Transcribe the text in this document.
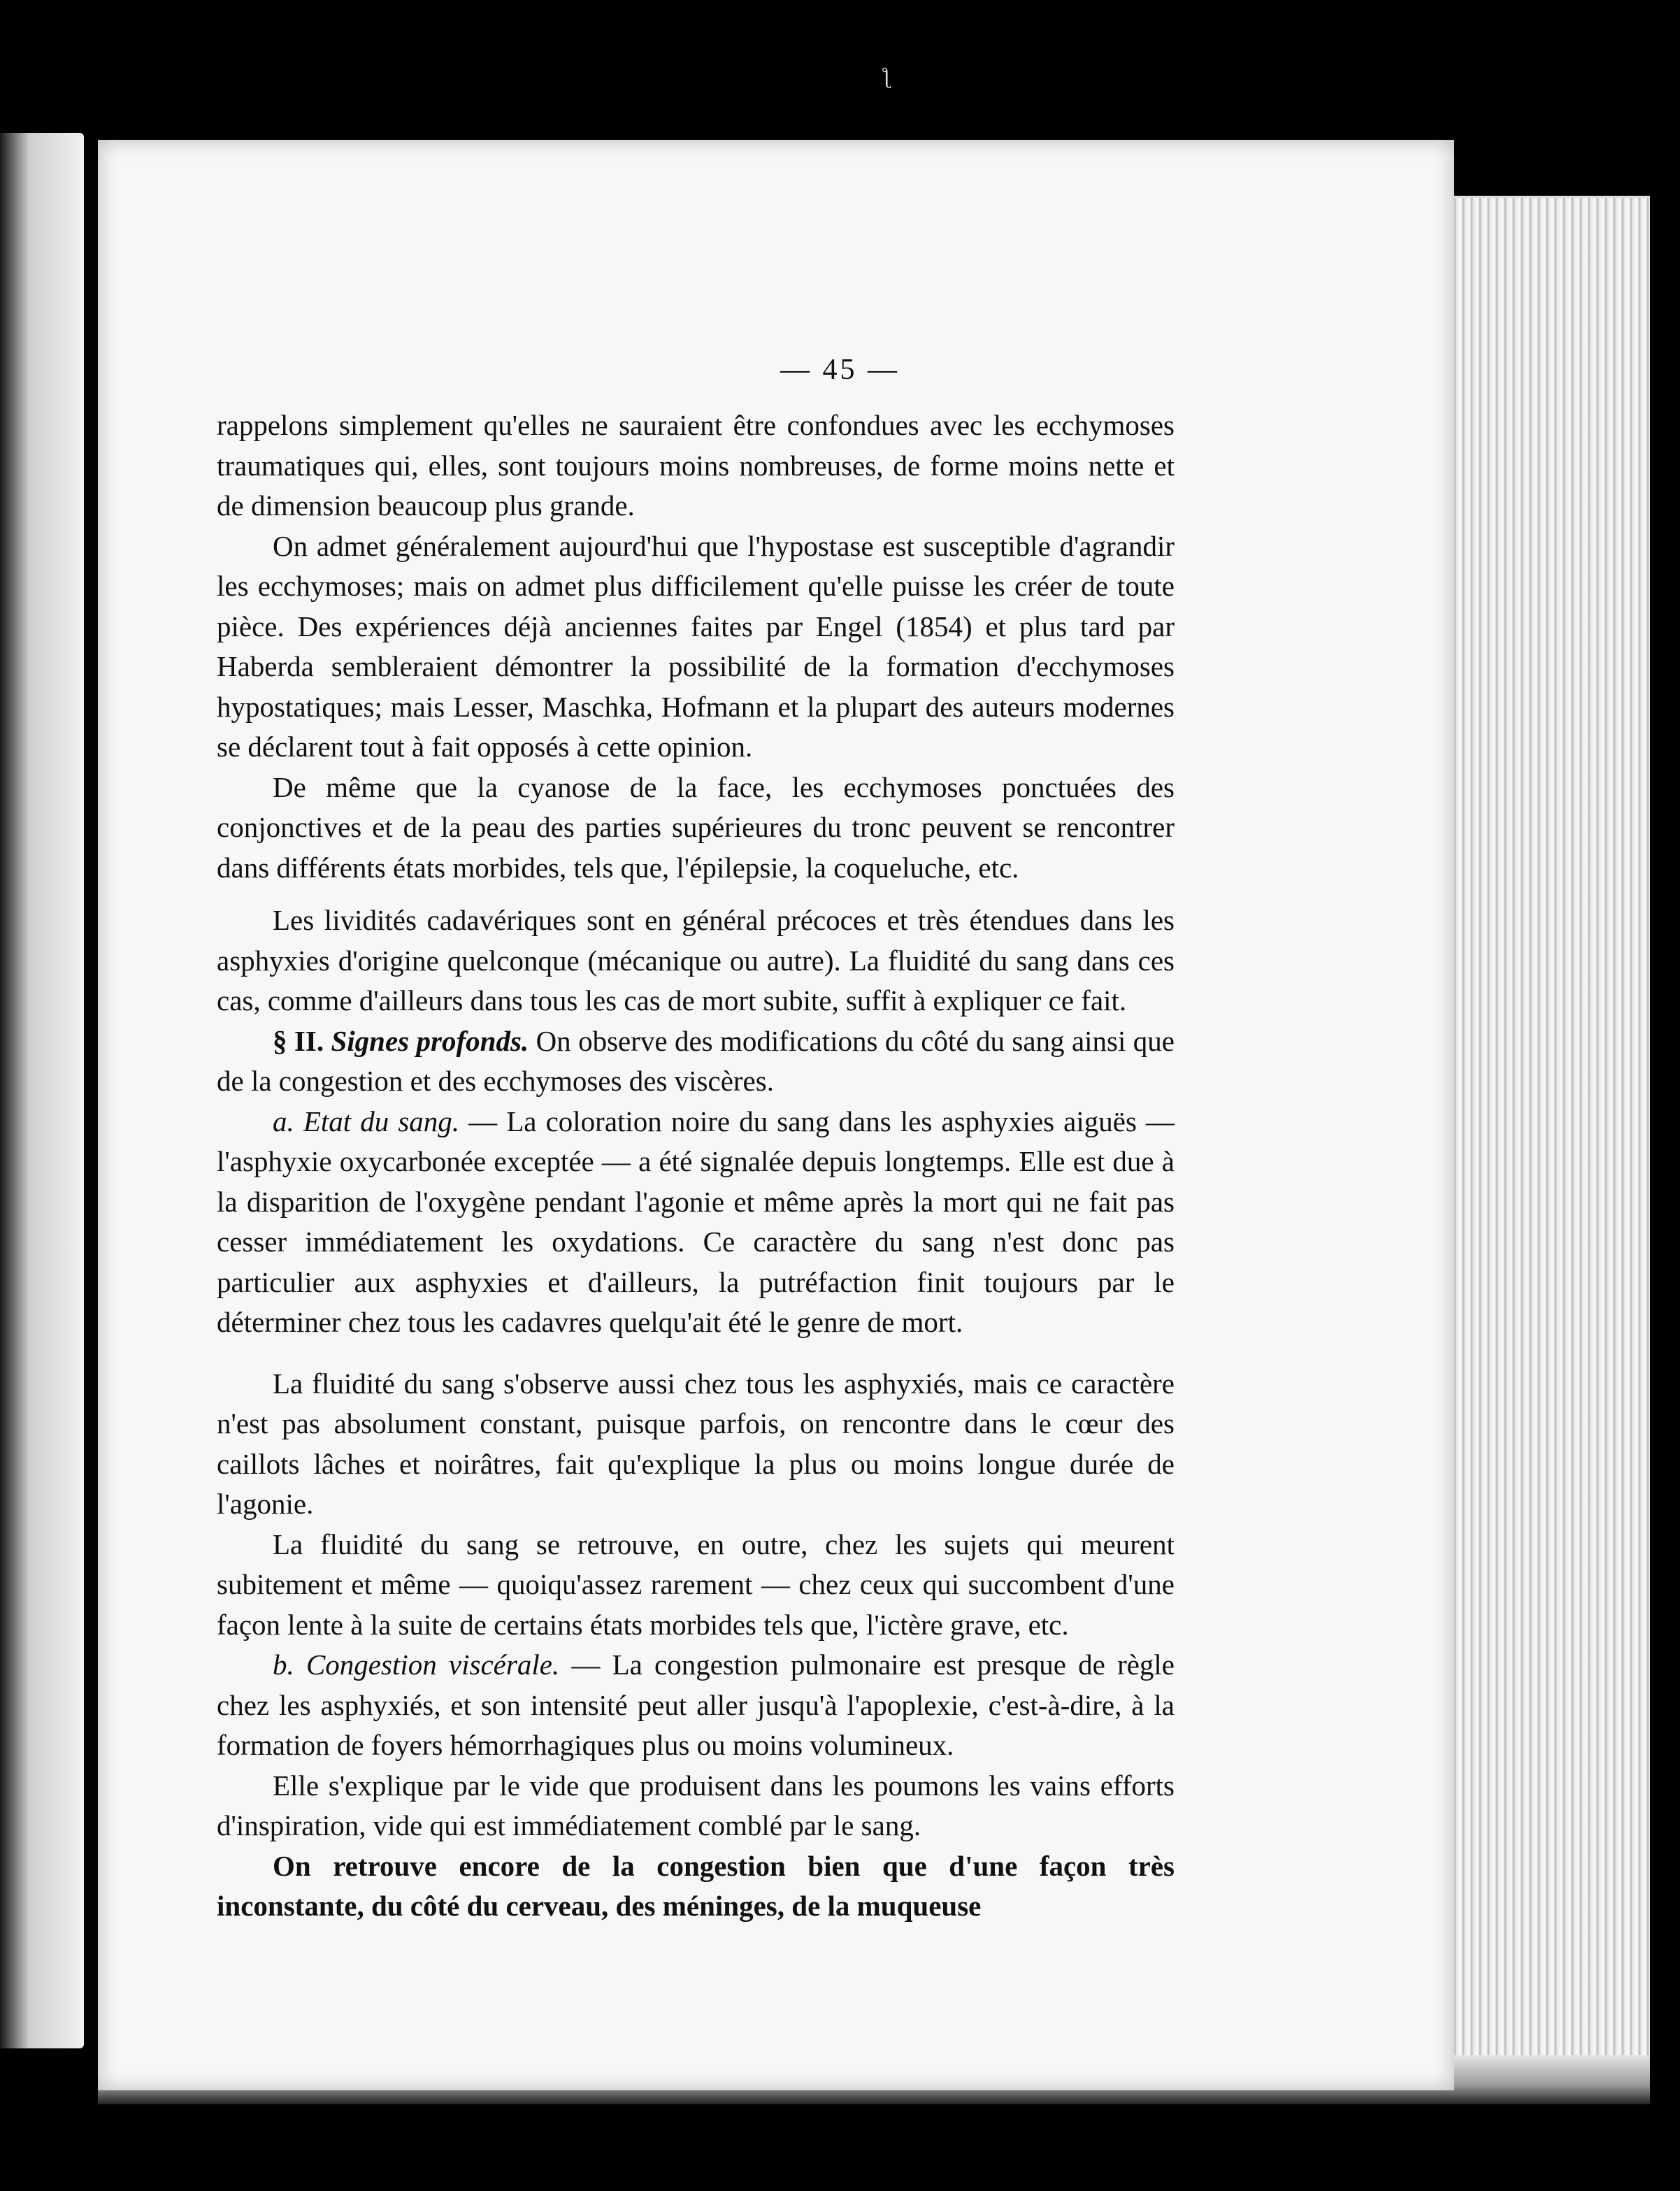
ƪ
— 45 —

rappelons simplement qu'elles ne sauraient être confondues avec les ecchymoses traumatiques qui, elles, sont toujours moins nombreuses, de forme moins nette et de dimension beaucoup plus grande.

On admet généralement aujourd'hui que l'hypostase est susceptible d'agrandir les ecchymoses; mais on admet plus difficilement qu'elle puisse les créer de toute pièce. Des expériences déjà anciennes faites par Engel (1854) et plus tard par Haberda sembleraient démontrer la possibilité de la formation d'ecchymoses hypostatiques; mais Lesser, Maschka, Hofmann et la plupart des auteurs modernes se déclarent tout à fait opposés à cette opinion.

De même que la cyanose de la face, les ecchymoses ponctuées des conjonctives et de la peau des parties supérieures du tronc peuvent se rencontrer dans différents états morbides, tels que, l'épilepsie, la coqueluche, etc.

Les lividités cadavériques sont en général précoces et très étendues dans les asphyxies d'origine quelconque (mécanique ou autre). La fluidité du sang dans ces cas, comme d'ailleurs dans tous les cas de mort subite, suffit à expliquer ce fait.

§ II. Signes profonds. On observe des modifications du côté du sang ainsi que de la congestion et des ecchymoses des viscères.

a. Etat du sang. — La coloration noire du sang dans les asphyxies aiguës — l'asphyxie oxycarbonée exceptée — a été signalée depuis longtemps. Elle est due à la disparition de l'oxygène pendant l'agonie et même après la mort qui ne fait pas cesser immédiatement les oxydations. Ce caractère du sang n'est donc pas particulier aux asphyxies et d'ailleurs, la putréfaction finit toujours par le déterminer chez tous les cadavres quelqu'ait été le genre de mort.

La fluidité du sang s'observe aussi chez tous les asphyxiés, mais ce caractère n'est pas absolument constant, puisque parfois, on rencontre dans le cœur des caillots lâches et noirâtres, fait qu'explique la plus ou moins longue durée de l'agonie.

La fluidité du sang se retrouve, en outre, chez les sujets qui meurent subitement et même — quoiqu'assez rarement — chez ceux qui succombent d'une façon lente à la suite de certains états morbides tels que, l'ictère grave, etc.

b. Congestion viscérale. — La congestion pulmonaire est presque de règle chez les asphyxiés, et son intensité peut aller jusqu'à l'apoplexie, c'est-à-dire, à la formation de foyers hémorrhagiques plus ou moins volumineux.

Elle s'explique par le vide que produisent dans les poumons les vains efforts d'inspiration, vide qui est immédiatement comblé par le sang.

On retrouve encore de la congestion bien que d'une façon très inconstante, du côté du cerveau, des méninges, de la muqueuse
